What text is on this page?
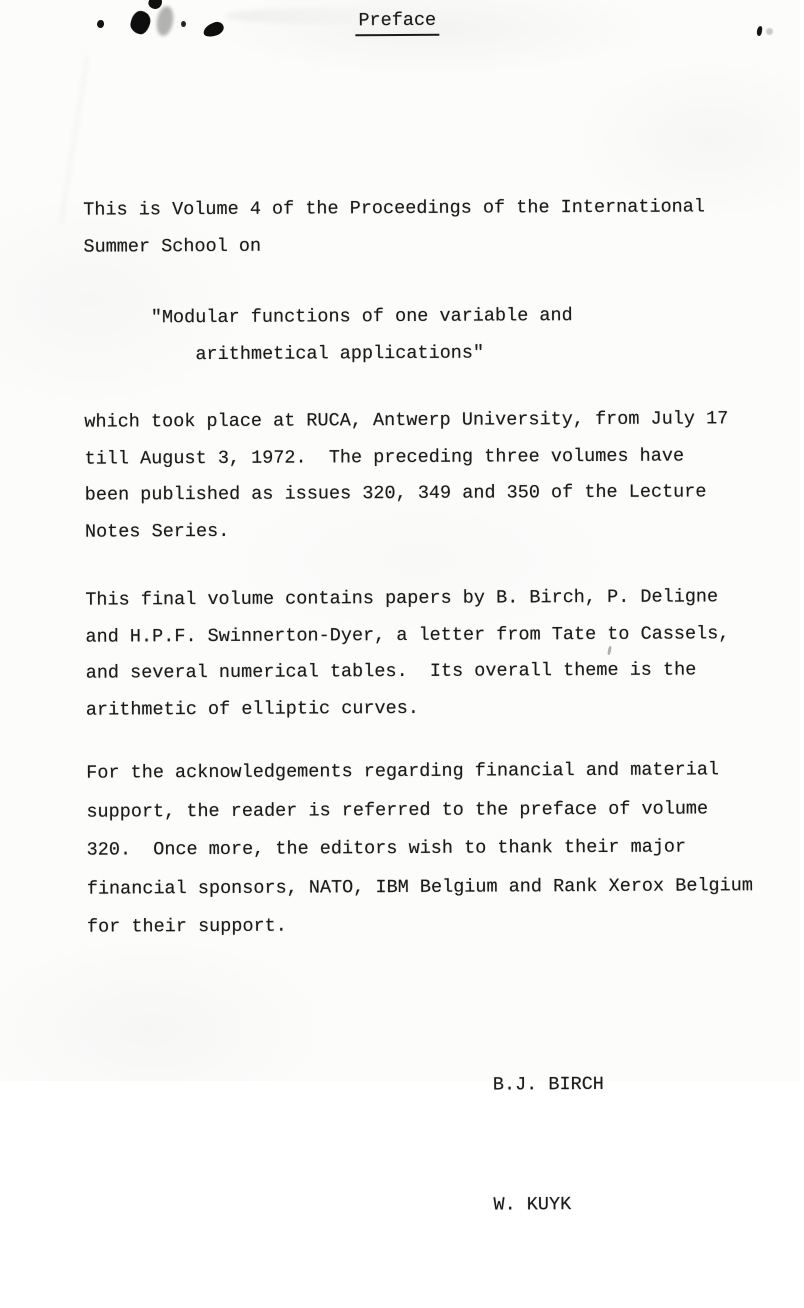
Preface
This is Volume 4 of the Proceedings of the International
Summer School on
"Modular functions of one variable and
arithmetical applications"
which took place at RUCA, Antwerp University, from July 17
till August 3, 1972.  The preceding three volumes have
been published as issues 320, 349 and 350 of the Lecture
Notes Series.
This final volume contains papers by B. Birch, P. Deligne
and H.P.F. Swinnerton-Dyer, a letter from Tate to Cassels,
and several numerical tables.  Its overall theme is the
arithmetic of elliptic curves.
For the acknowledgements regarding financial and material
support, the reader is referred to the preface of volume
320.  Once more, the editors wish to thank their major
financial sponsors, NATO, IBM Belgium and Rank Xerox Belgium
for their support.

B.J. BIRCH

W. KUYK
